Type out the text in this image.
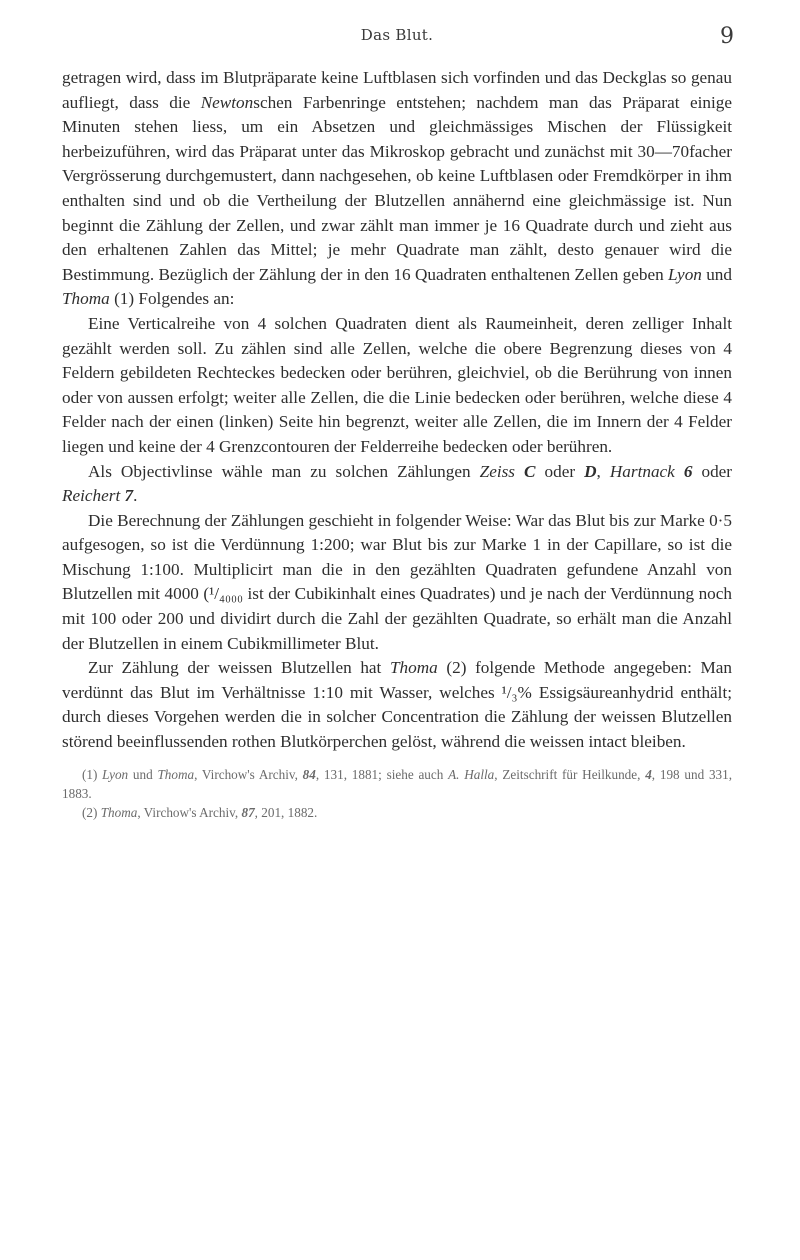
Das Blut.	9

getragen wird, dass im Blutpräparate keine Luftblasen sich vorfinden und das Deckglas so genau aufliegt, dass die Newtonschen Farbenringe entstehen; nachdem man das Präparat einige Minuten stehen liess, um ein Absetzen und gleichmässiges Mischen der Flüssigkeit herbeizuführen, wird das Präparat unter das Mikroskop gebracht und zunächst mit 30—70facher Vergrösserung durchgemustert, dann nachgesehen, ob keine Luftblasen oder Fremdkörper in ihm enthalten sind und ob die Vertheilung der Blutzellen annähernd eine gleichmässige ist. Nun beginnt die Zählung der Zellen, und zwar zählt man immer je 16 Quadrate durch und zieht aus den erhaltenen Zahlen das Mittel; je mehr Quadrate man zählt, desto genauer wird die Bestimmung. Bezüglich der Zählung der in den 16 Quadraten enthaltenen Zellen geben Lyon und Thoma (1) Folgendes an:

Eine Verticalreihe von 4 solchen Quadraten dient als Raumeinheit, deren zelliger Inhalt gezählt werden soll. Zu zählen sind alle Zellen, welche die obere Begrenzung dieses von 4 Feldern gebildeten Rechteckes bedecken oder berühren, gleichviel, ob die Berührung von innen oder von aussen erfolgt; weiter alle Zellen, die die Linie bedecken oder berühren, welche diese 4 Felder nach der einen (linken) Seite hin begrenzt, weiter alle Zellen, die im Innern der 4 Felder liegen und keine der 4 Grenzcontouren der Felderreihe bedecken oder berühren.

Als Objectivlinse wähle man zu solchen Zählungen Zeiss C oder D, Hartnack 6 oder Reichert 7.

Die Berechnung der Zählungen geschieht in folgender Weise: War das Blut bis zur Marke 0·5 aufgesogen, so ist die Verdünnung 1:200; war Blut bis zur Marke 1 in der Capillare, so ist die Mischung 1:100. Multiplicirt man die in den gezählten Quadraten gefundene Anzahl von Blutzellen mit 4000 (¹/₄₀₀₀ ist der Cubikinhalt eines Quadrates) und je nach der Verdünnung noch mit 100 oder 200 und dividirt durch die Zahl der gezählten Quadrate, so erhält man die Anzahl der Blutzellen in einem Cubikmillimeter Blut.

Zur Zählung der weissen Blutzellen hat Thoma (2) folgende Methode angegeben: Man verdünnt das Blut im Verhältnisse 1:10 mit Wasser, welches ¹/₃% Essigsäureanhydrid enthält; durch dieses Vorgehen werden die in solcher Concentration die Zählung der weissen Blutzellen störend beeinflussenden rothen Blutkörperchen gelöst, während die weissen intact bleiben.

(1) Lyon und Thoma, Virchow's Archiv, 84, 131, 1881; siehe auch A. Halla, Zeitschrift für Heilkunde, 4, 198 und 331, 1883.

(2) Thoma, Virchow's Archiv, 87, 201, 1882.
